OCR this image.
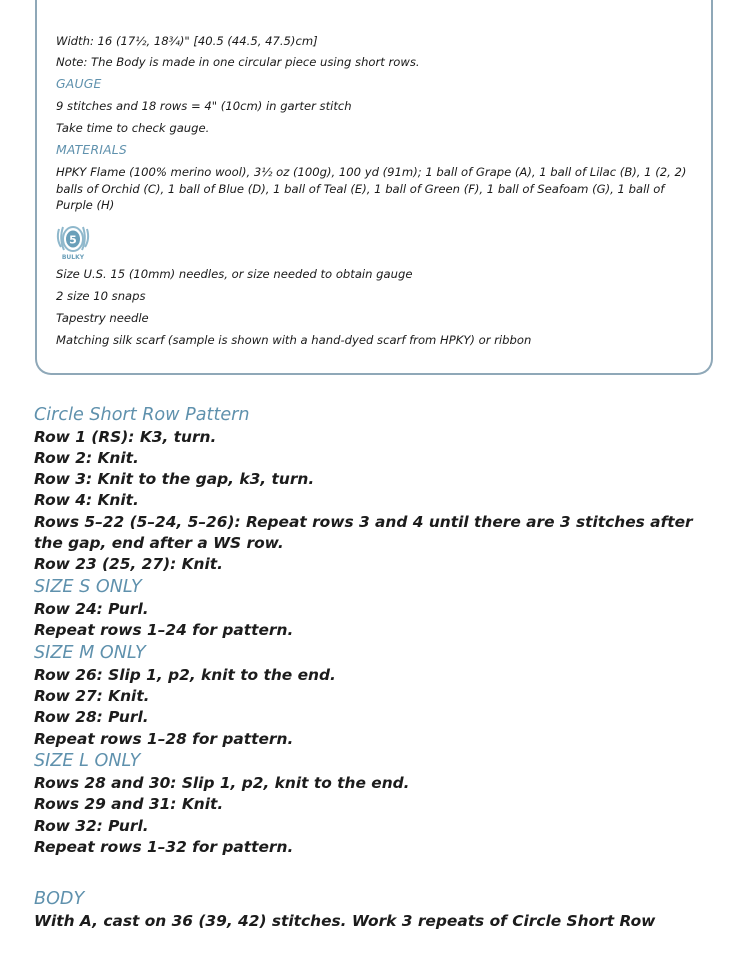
Width: 16 (17½, 18¾)" [40.5 (44.5, 47.5)cm]
Note: The Body is made in one circular piece using short rows.
GAUGE
9 stitches and 18 rows = 4" (10cm) in garter stitch
Take time to check gauge.
MATERIALS
HPKY Flame (100% merino wool), 3½ oz (100g), 100 yd (91m); 1 ball of Grape (A), 1 ball of Lilac (B), 1 (2, 2) balls of Orchid (C), 1 ball of Blue (D), 1 ball of Teal (E), 1 ball of Green (F), 1 ball of Seafoam (G), 1 ball of Purple (H)
5
BULKY
Size U.S. 15 (10mm) needles, or size needed to obtain gauge
2 size 10 snaps
Tapestry needle
Matching silk scarf (sample is shown with a hand-dyed scarf from HPKY) or ribbon
Circle Short Row Pattern
Row 1 (RS): K3, turn.
Row 2: Knit.
Row 3: Knit to the gap, k3, turn.
Row 4: Knit.
Rows 5–22 (5–24, 5–26): Repeat rows 3 and 4 until there are 3 stitches after
the gap, end after a WS row.
Row 23 (25, 27): Knit.
SIZE S ONLY
Row 24: Purl.
Repeat rows 1–24 for pattern.
SIZE M ONLY
Row 26: Slip 1, p2, knit to the end.
Row 27: Knit.
Row 28: Purl.
Repeat rows 1–28 for pattern.
SIZE L ONLY
Rows 28 and 30: Slip 1, p2, knit to the end.
Rows 29 and 31: Knit.
Row 32: Purl.
Repeat rows 1–32 for pattern.
BODY
With A, cast on 36 (39, 42) stitches. Work 3 repeats of Circle Short Row
